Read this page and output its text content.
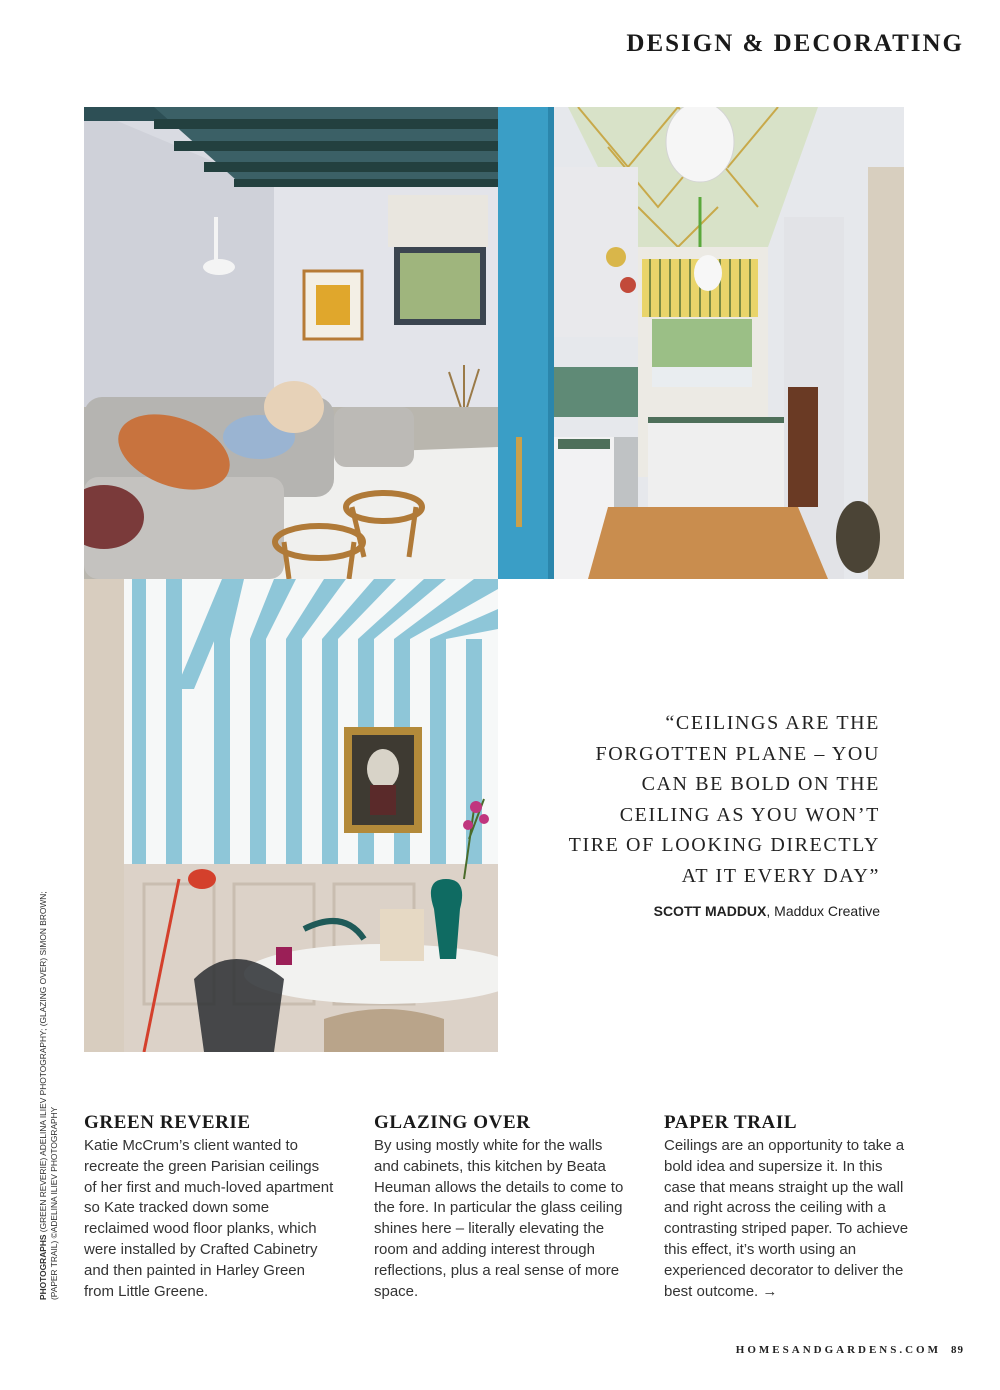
DESIGN & DECORATING

“CEILINGS ARE THE
FORGOTTEN PLANE – YOU
CAN BE BOLD ON THE
CEILING AS YOU WON’T
TIRE OF LOOKING DIRECTLY
AT IT EVERY DAY”

SCOTT MADDUX, Maddux Creative

PHOTOGRAPHS (GREEN REVERIE) ADELINA ILIEV PHOTOGRAPHY; (GLAZING OVER) SIMON BROWN; (PAPER TRAIL) ©ADELINA ILIEV PHOTOGRAPHY GREEN REVERIE

Katie McCrum’s client wanted to recreate the green Parisian ceilings of her first and much-loved apartment so Kate tracked down some reclaimed wood floor planks, which were installed by Crafted Cabinetry and then painted in Harley Green from Little Greene.

GLAZING OVER

By using mostly white for the walls and cabinets, this kitchen by Beata Heuman allows the details to come to the fore. In particular the glass ceiling shines here – literally elevating the room and adding interest through reflections, plus a real sense of more space.

PAPER TRAIL

Ceilings are an opportunity to take a bold idea and supersize it. In this case that means straight up the wall and right across the ceiling with a contrasting striped paper. To achieve this effect, it’s worth using an experienced decorator to deliver the best outcome. →

HOMESANDGARDENS.COM 89
